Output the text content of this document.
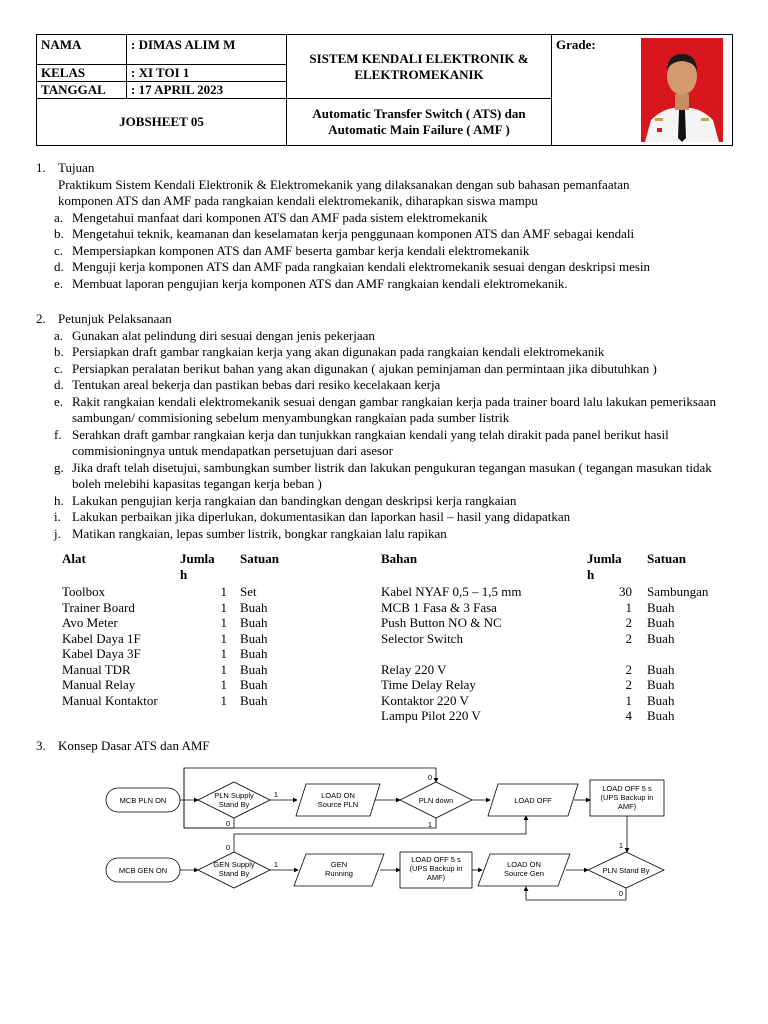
NAMA	: DIMAS ALIM M	SISTEM KENDALI ELEKTRONIK &
ELEKTROMEKANIK	Grade:
KELAS	: XI TOI 1		
TANGGAL	: 17 APRIL 2023		
JOBSHEET 05		Automatic Transfer Switch ( ATS) dan
Automatic Main Failure ( AMF )	
1. Tujuan
Praktikum Sistem Kendali Elektronik & Elektromekanik yang dilaksanakan dengan sub bahasan pemanfaatan
komponen ATS dan AMF pada rangkaian kendali elektromekanik, diharapkan siswa mampu
a. Mengetahui manfaat dari komponen ATS dan AMF pada sistem elektromekanik
b. Mengetahui teknik, keamanan dan keselamatan kerja penggunaan komponen ATS dan AMF sebagai kendali
c. Mempersiapkan komponen ATS dan AMF beserta gambar kerja kendali elektromekanik
d. Menguji kerja komponen ATS dan AMF pada rangkaian kendali elektromekanik sesuai dengan deskripsi mesin
e. Membuat laporan pengujian kerja komponen ATS dan AMF rangkaian kendali elektromekanik.
2. Petunjuk Pelaksanaan
a. Gunakan alat pelindung diri sesuai dengan jenis pekerjaan
b. Persiapkan draft gambar rangkaian kerja yang akan digunakan pada rangkaian kendali elektromekanik
c. Persiapkan peralatan berikut bahan yang akan digunakan ( ajukan peminjaman dan permintaan jika dibutuhkan )
d. Tentukan areal bekerja dan pastikan bebas dari resiko kecelakaan kerja
e. Rakit rangkaian kendali elektromekanik sesuai dengan gambar rangkaian kerja pada trainer board lalu lakukan pemeriksaan sambungan/ commisioning sebelum menyambungkan rangkaian pada sumber listrik
f. Serahkan draft gambar rangkaian kerja dan tunjukkan rangkaian kendali yang telah dirakit pada panel berikut hasil commisioningnya untuk mendapatkan persetujuan dari asesor
g. Jika draft telah disetujui, sambungkan sumber listrik dan lakukan pengukuran tegangan masukan ( tegangan masukan tidak boleh melebihi kapasitas tegangan kerja beban )
h. Lakukan pengujian kerja rangkaian dan bandingkan dengan deskripsi kerja rangkaian
i. Lakukan perbaikan jika diperlukan, dokumentasikan dan laporkan hasil – hasil yang didapatkan
j. Matikan rangkaian, lepas sumber listrik, bongkar rangkaian lalu rapikan
Alat	Jumla Satuan
h
Toolbox	1 Set
Trainer Board	1 Buah
Avo Meter	1 Buah
Kabel Daya 1F	1 Buah
Kabel Daya 3F	1 Buah
Manual TDR	1 Buah
Manual Relay	1 Buah
Manual Kontaktor	1 Buah
Bahan	Jumla Satuan
h
Kabel NYAF 0,5 – 1,5 mm	30 Sambungan
MCB 1 Fasa & 3 Fasa	1 Buah
Push Button NO & NC	2 Buah
Selector Switch	2 Buah
Relay 220 V	2 Buah
Time Delay Relay	2 Buah
Kontaktor 220 V	1 Buah
Lampu Pilot 220 V	4 Buah
3. Konsep Dasar ATS dan AMF
MCB PLN ON
PLN Supply
Stand By
LOAD ON
Source PLN	PLN down	LOAD OFF
LOAD OFF 5 s
(UPS Backup in
AMF)
MCB GEN ON
GEN Supply
Stand By
GEN
Running
LOAD OFF 5 s
(UPS Backup in
AMF)
LOAD ON
Source Gen	PLN Stand By
1
0
0
1
1
0	1
0
